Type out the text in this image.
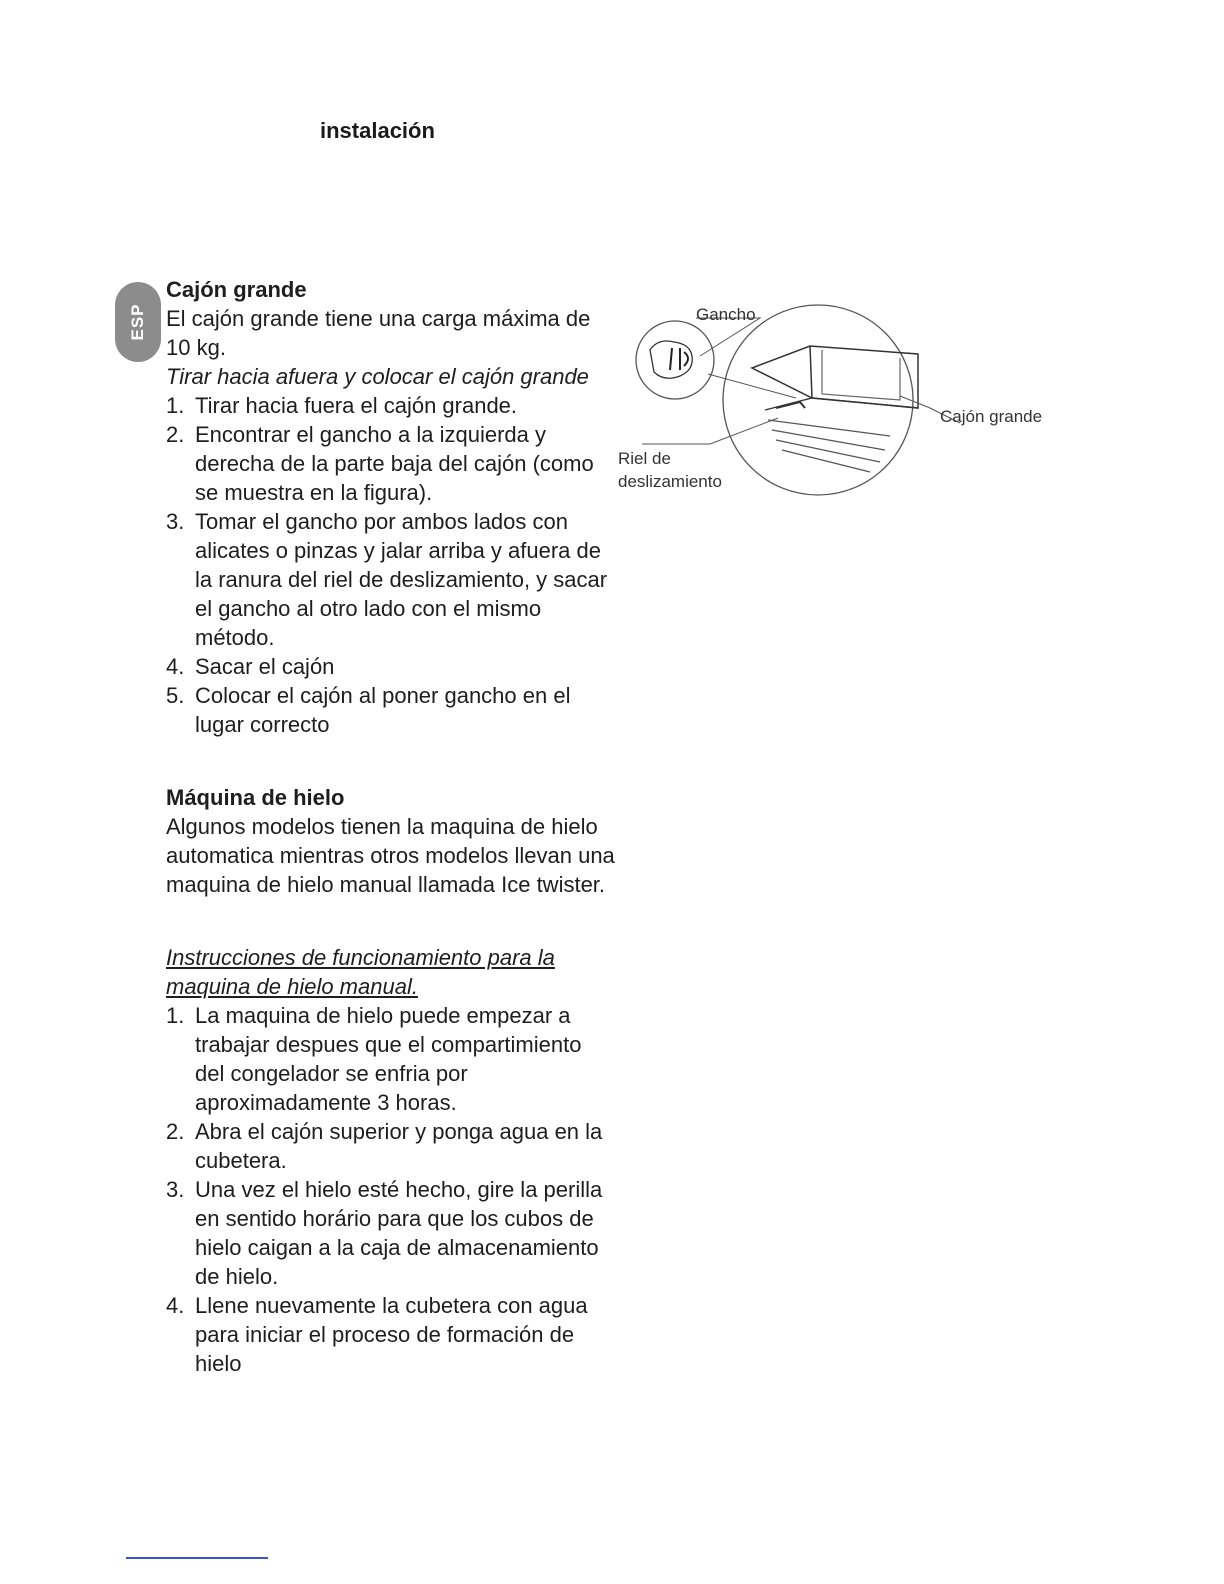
instalación
ESP

Cajón grande

El cajón grande tiene una carga máxima de 10 kg.

Tirar hacia afuera y colocar el cajón grande

1. Tirar hacia fuera el cajón grande.
2. Encontrar el gancho a la izquierda y derecha de la parte baja del cajón (como se muestra en la figura).
3. Tomar el gancho por ambos lados con alicates o pinzas y jalar arriba y afuera de la ranura del riel de deslizamiento, y sacar el gancho al otro lado con el mismo método.
4. Sacar el cajón
5. Colocar el cajón al poner gancho en el lugar correcto

Máquina de hielo

Algunos modelos tienen la maquina de hielo automatica mientras otros modelos llevan una maquina de hielo manual llamada Ice twister.

Instrucciones de funcionamiento para la maquina de hielo manual.

1. La maquina de hielo puede empezar a trabajar despues que el compartimiento del congelador se enfria por aproximadamente 3 horas.
2. Abra el cajón superior y ponga agua en la cubetera.
3. Una vez el hielo esté hecho, gire la perilla en sentido horário para que los cubos de hielo caigan a la caja de almacenamiento de hielo.
4. Llene nuevamente la cubetera con agua para iniciar el proceso de formación de hielo
Gancho
Cajón grande
Riel de
deslizamiento
